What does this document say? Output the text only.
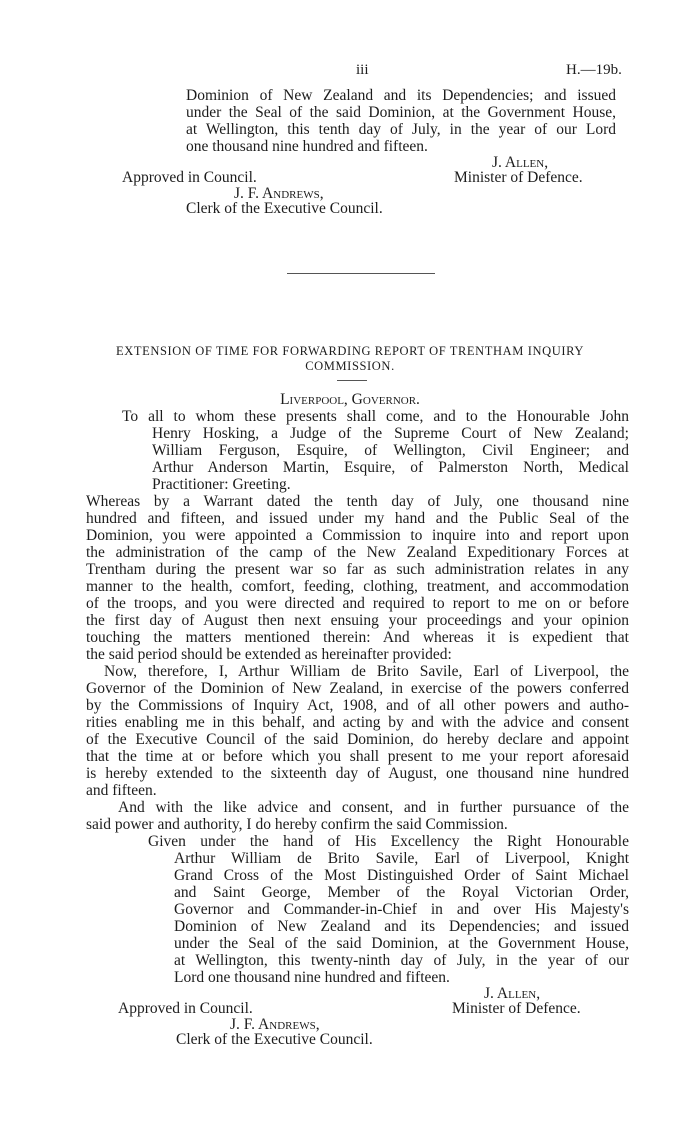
iii	H.—19b.
Dominion of New Zealand and its Dependencies; and issued
under the Seal of the said Dominion, at the Government House,
at Wellington, this tenth day of July, in the year of our Lord
one thousand nine hundred and fifteen.
J. Allen,
Approved in Council.	Minister of Defence.
J. F. Andrews,
Clerk of the Executive Council.
EXTENSION OF TIME FOR FORWARDING REPORT OF TRENTHAM INQUIRY
COMMISSION.
Liverpool, Governor.
To all to whom these presents shall come, and to the Honourable John
Henry Hosking, a Judge of the Supreme Court of New Zealand;
William Ferguson, Esquire, of Wellington, Civil Engineer; and
Arthur Anderson Martin, Esquire, of Palmerston North, Medical
Practitioner: Greeting.
Whereas by a Warrant dated the tenth day of July, one thousand nine
hundred and fifteen, and issued under my hand and the Public Seal of the
Dominion, you were appointed a Commission to inquire into and report upon
the administration of the camp of the New Zealand Expeditionary Forces at
Trentham during the present war so far as such administration relates in any
manner to the health, comfort, feeding, clothing, treatment, and accommodation
of the troops, and you were directed and required to report to me on or before
the first day of August then next ensuing your proceedings and your opinion
touching the matters mentioned therein: And whereas it is expedient that
the said period should be extended as hereinafter provided:
Now, therefore, I, Arthur William de Brito Savile, Earl of Liverpool, the
Governor of the Dominion of New Zealand, in exercise of the powers conferred
by the Commissions of Inquiry Act, 1908, and of all other powers and autho-
rities enabling me in this behalf, and acting by and with the advice and consent
of the Executive Council of the said Dominion, do hereby declare and appoint
that the time at or before which you shall present to me your report aforesaid
is hereby extended to the sixteenth day of August, one thousand nine hundred
and fifteen.
And with the like advice and consent, and in further pursuance of the
said power and authority, I do hereby confirm the said Commission.
Given under the hand of His Excellency the Right Honourable
Arthur William de Brito Savile, Earl of Liverpool, Knight
Grand Cross of the Most Distinguished Order of Saint Michael
and Saint George, Member of the Royal Victorian Order,
Governor and Commander-in-Chief in and over His Majesty's
Dominion of New Zealand and its Dependencies; and issued
under the Seal of the said Dominion, at the Government House,
at Wellington, this twenty-ninth day of July, in the year of our
Lord one thousand nine hundred and fifteen.
J. Allen,
Approved in Council.	Minister of Defence.
J. F. Andrews,
Clerk of the Executive Council.
